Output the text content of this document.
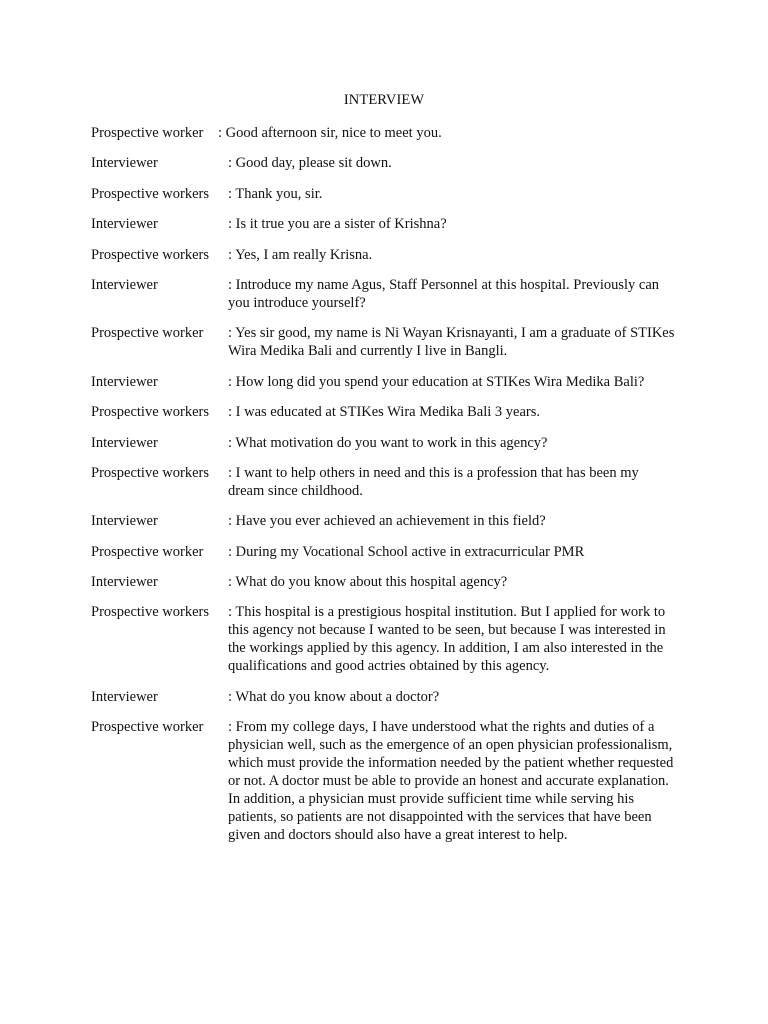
INTERVIEW
Prospective worker	: Good afternoon sir, nice to meet you.
Interviewer	: Good day, please sit down.
Prospective workers	: Thank you, sir.
Interviewer	: Is it true you are a sister of Krishna?
Prospective workers	: Yes, I am really Krisna.
Interviewer	: Introduce my name Agus, Staff Personnel at this hospital. Previously can you introduce yourself?
Prospective worker	: Yes sir good, my name is Ni Wayan Krisnayanti, I am a graduate of STIKes Wira Medika Bali and currently I live in Bangli.
Interviewer	: How long did you spend your education at STIKes Wira Medika Bali?
Prospective workers	: I was educated at STIKes Wira Medika Bali 3 years.
Interviewer	: What motivation do you want to work in this agency?
Prospective workers	: I want to help others in need and this is a profession that has been my dream since childhood.
Interviewer	: Have you ever achieved an achievement in this field?
Prospective worker	: During my Vocational School active in extracurricular PMR
Interviewer	: What do you know about this hospital agency?
Prospective workers	: This hospital is a prestigious hospital institution. But I applied for work to this agency not because I wanted to be seen, but because I was interested in the workings applied by this agency. In addition, I am also interested in the qualifications and good actries obtained by this agency.
Interviewer	: What do you know about a doctor?
Prospective worker	: From my college days, I have understood what the rights and duties of a physician well, such as the emergence of an open physician professionalism, which must provide the information needed by the patient whether requested or not. A doctor must be able to provide an honest and accurate explanation. In addition, a physician must provide sufficient time while serving his patients, so patients are not disappointed with the services that have been given and doctors should also have a great interest to help.
